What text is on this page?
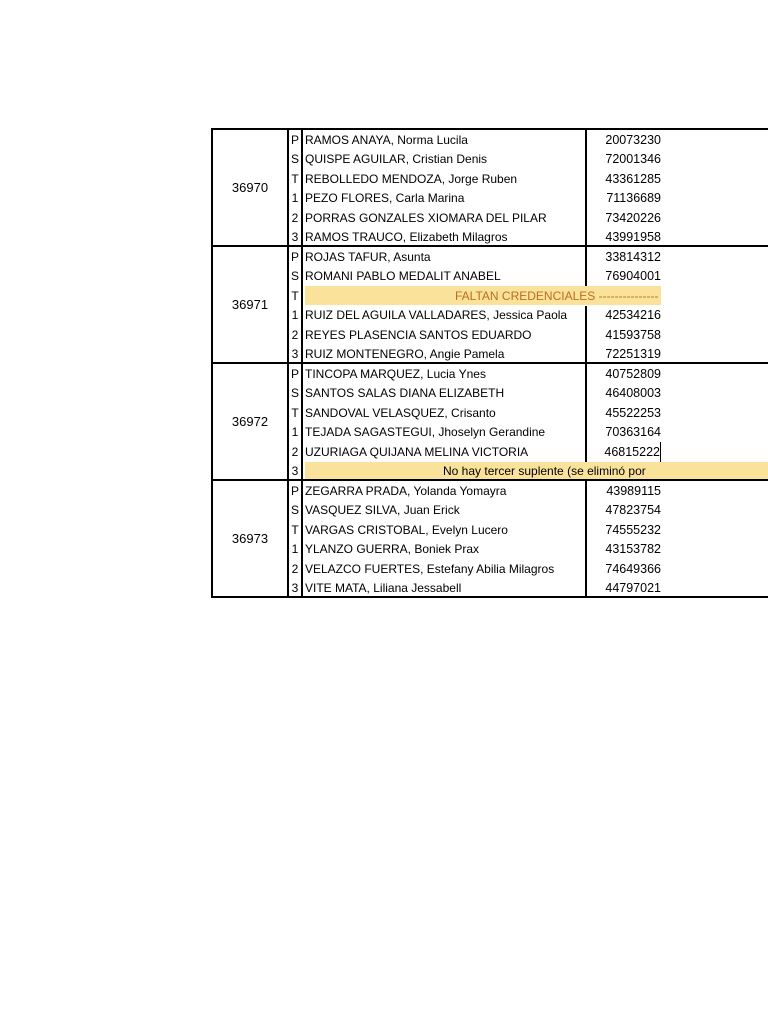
36970
P RAMOS ANAYA, Norma Lucila	20073230
S QUISPE AGUILAR, Cristian Denis	72001346
T REBOLLEDO MENDOZA, Jorge Ruben	43361285
1 PEZO FLORES, Carla Marina	71136689
2 PORRAS GONZALES XIOMARA DEL PILAR	73420226
3 RAMOS TRAUCO, Elizabeth Milagros	43991958
36971
P ROJAS TAFUR, Asunta	33814312
S ROMANI PABLO MEDALIT ANABEL	76904001
T	FALTAN CREDENCIALES ---------------
1 RUIZ DEL AGUILA VALLADARES, Jessica Paola	42534216
2 REYES PLASENCIA SANTOS EDUARDO	41593758
3 RUIZ MONTENEGRO, Angie Pamela	72251319
36972
P TINCOPA MARQUEZ, Lucia Ynes	40752809
S SANTOS SALAS DIANA ELIZABETH	46408003
T SANDOVAL VELASQUEZ, Crisanto	45522253
1 TEJADA SAGASTEGUI, Jhoselyn Gerandine	70363164
2 UZURIAGA QUIJANA MELINA VICTORIA	46815222
3	No hay tercer suplente (se eliminó por
36973
P ZEGARRA PRADA, Yolanda Yomayra	43989115
S VASQUEZ SILVA, Juan Erick	47823754
T VARGAS CRISTOBAL, Evelyn Lucero	74555232
1 YLANZO GUERRA, Boniek Prax	43153782
2 VELAZCO FUERTES, Estefany Abilia Milagros	74649366
3 VITE MATA, Liliana Jessabell	44797021
